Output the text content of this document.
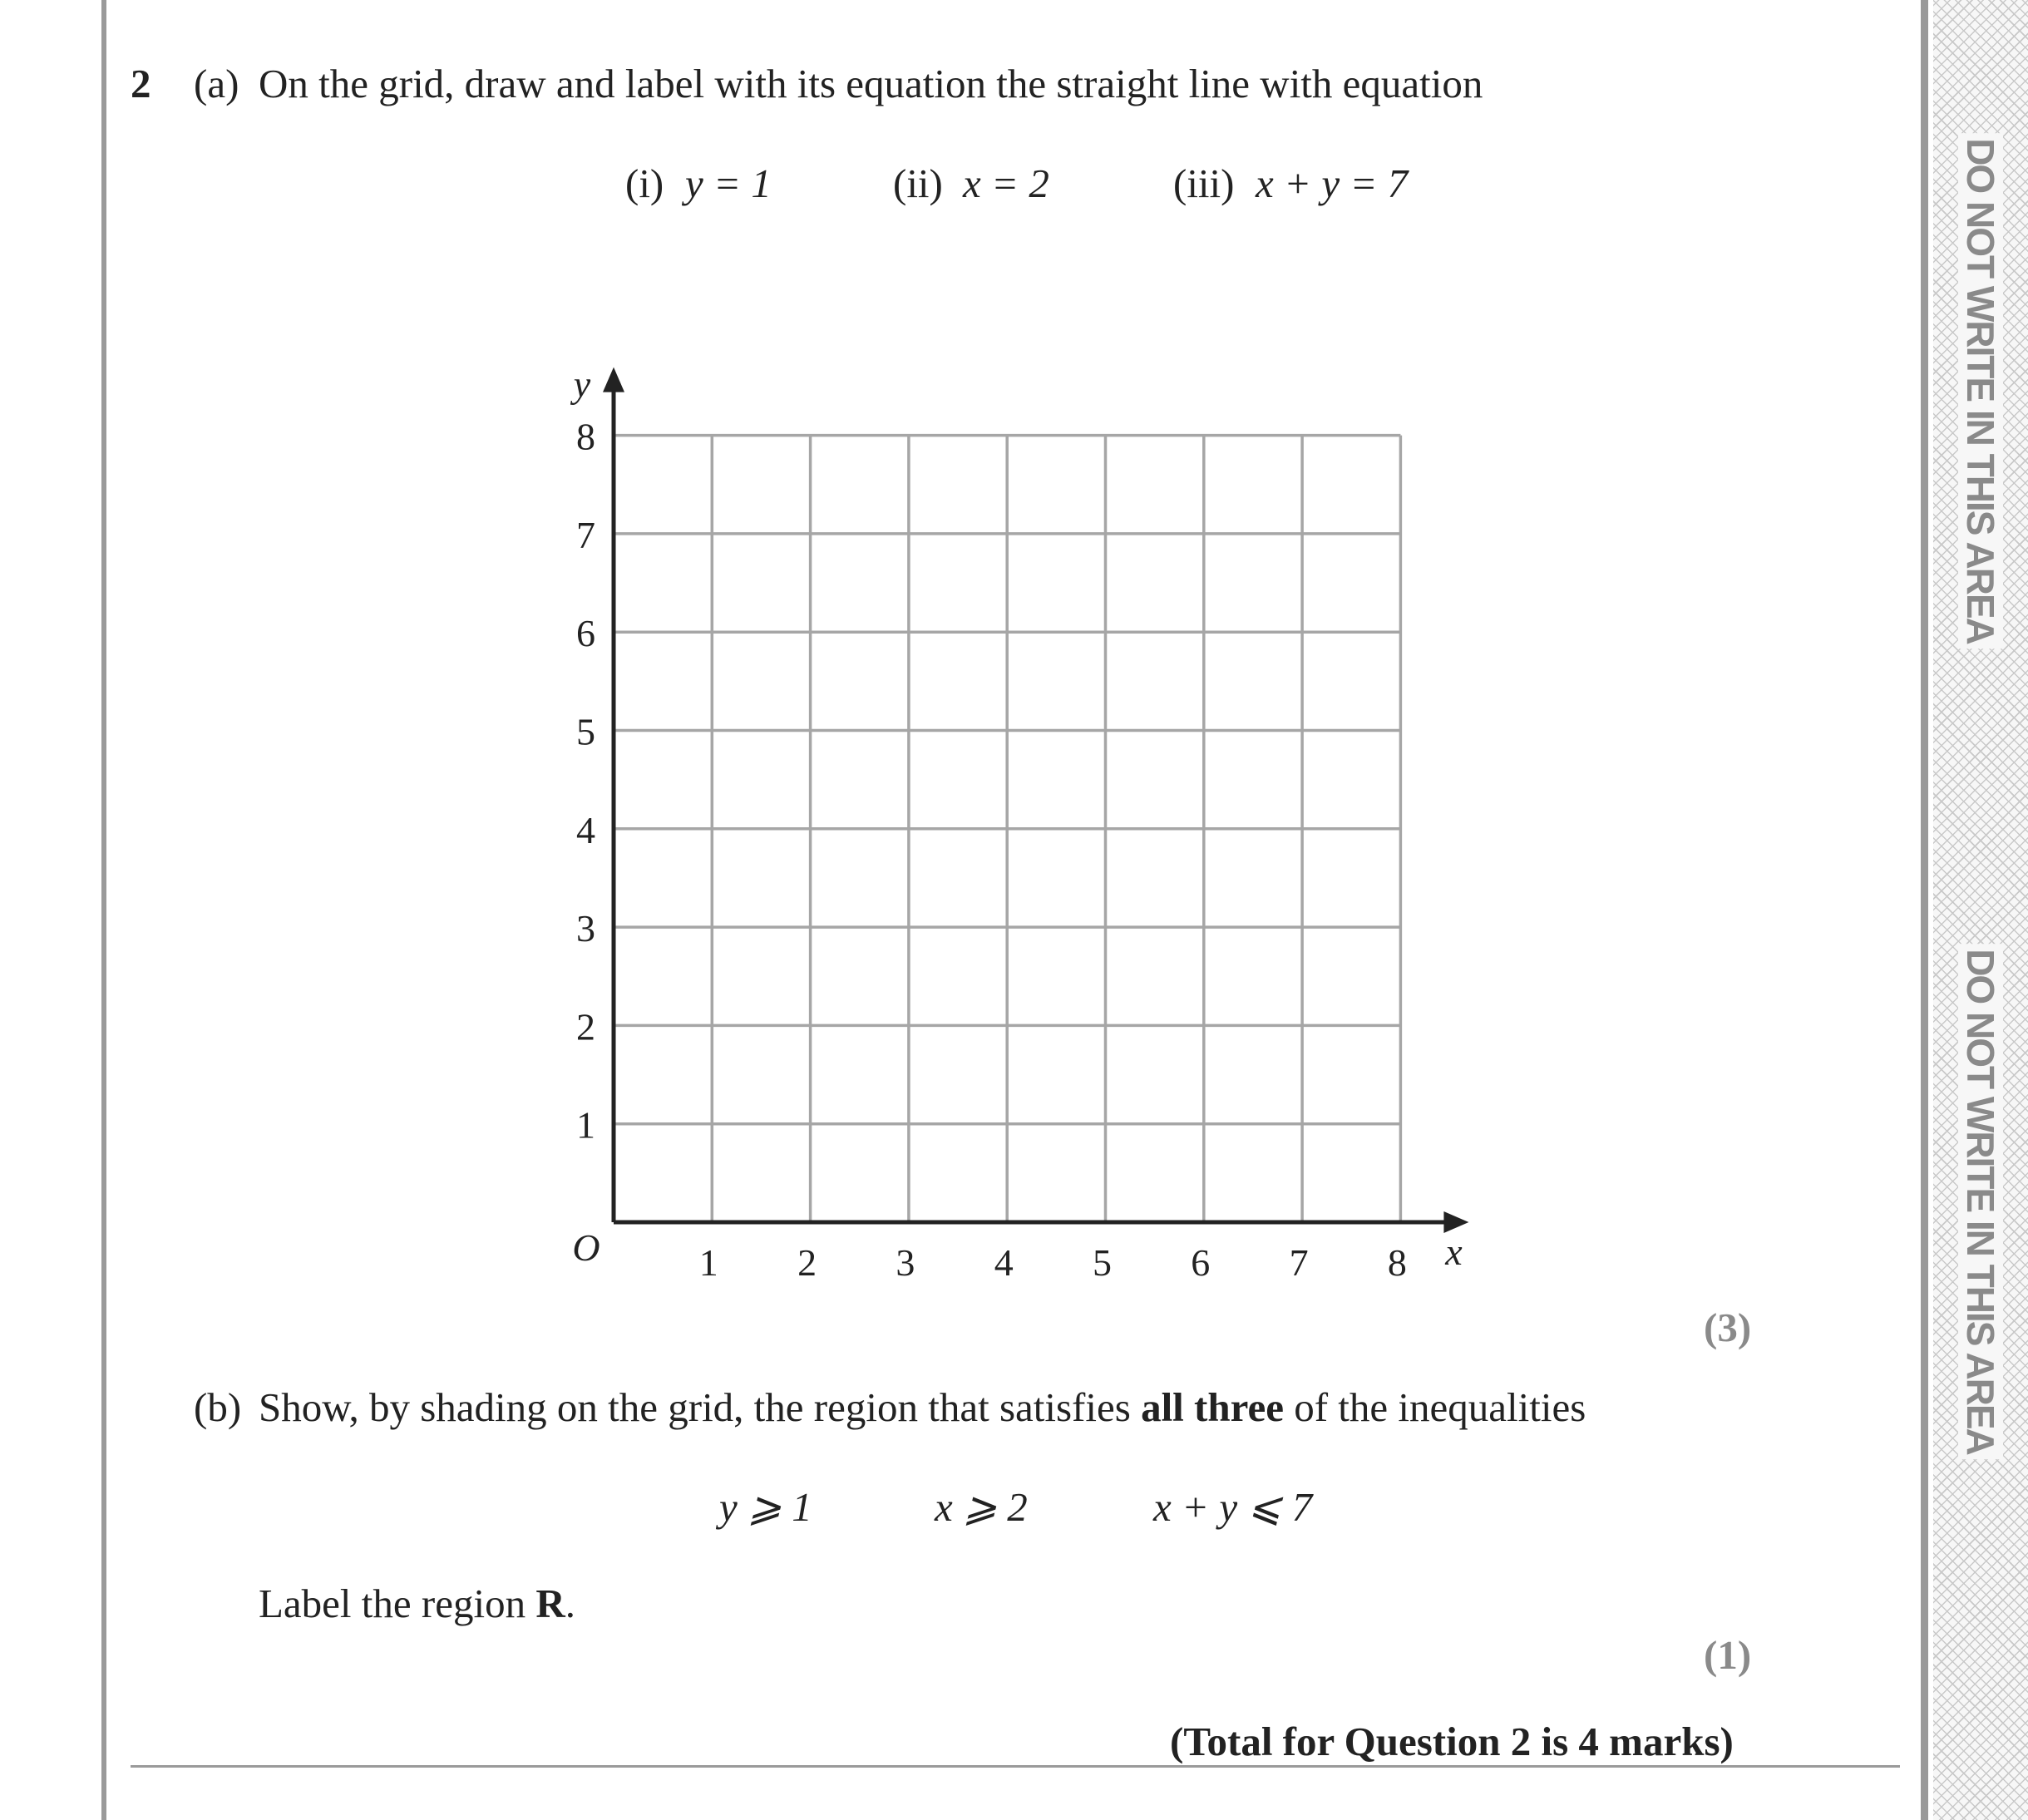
DO NOT WRITE IN THIS AREA
DO NOT WRITE IN THIS AREA
2 (a) On the grid, draw and label with its equation the straight line with equation
(i) y = 1	(ii) x = 2	(iii) x + y = 7
1 2 3 4 5 6 7 8
1
2
3
4
5
6
7
8
y
x
O
(3)
(b) Show, by shading on the grid, the region that satisfies all three of the inequalities
y ⩾ 1	x ⩾ 2	x + y ⩽ 7
Label the region R.
(1)
(Total for Question 2 is 4 marks)
